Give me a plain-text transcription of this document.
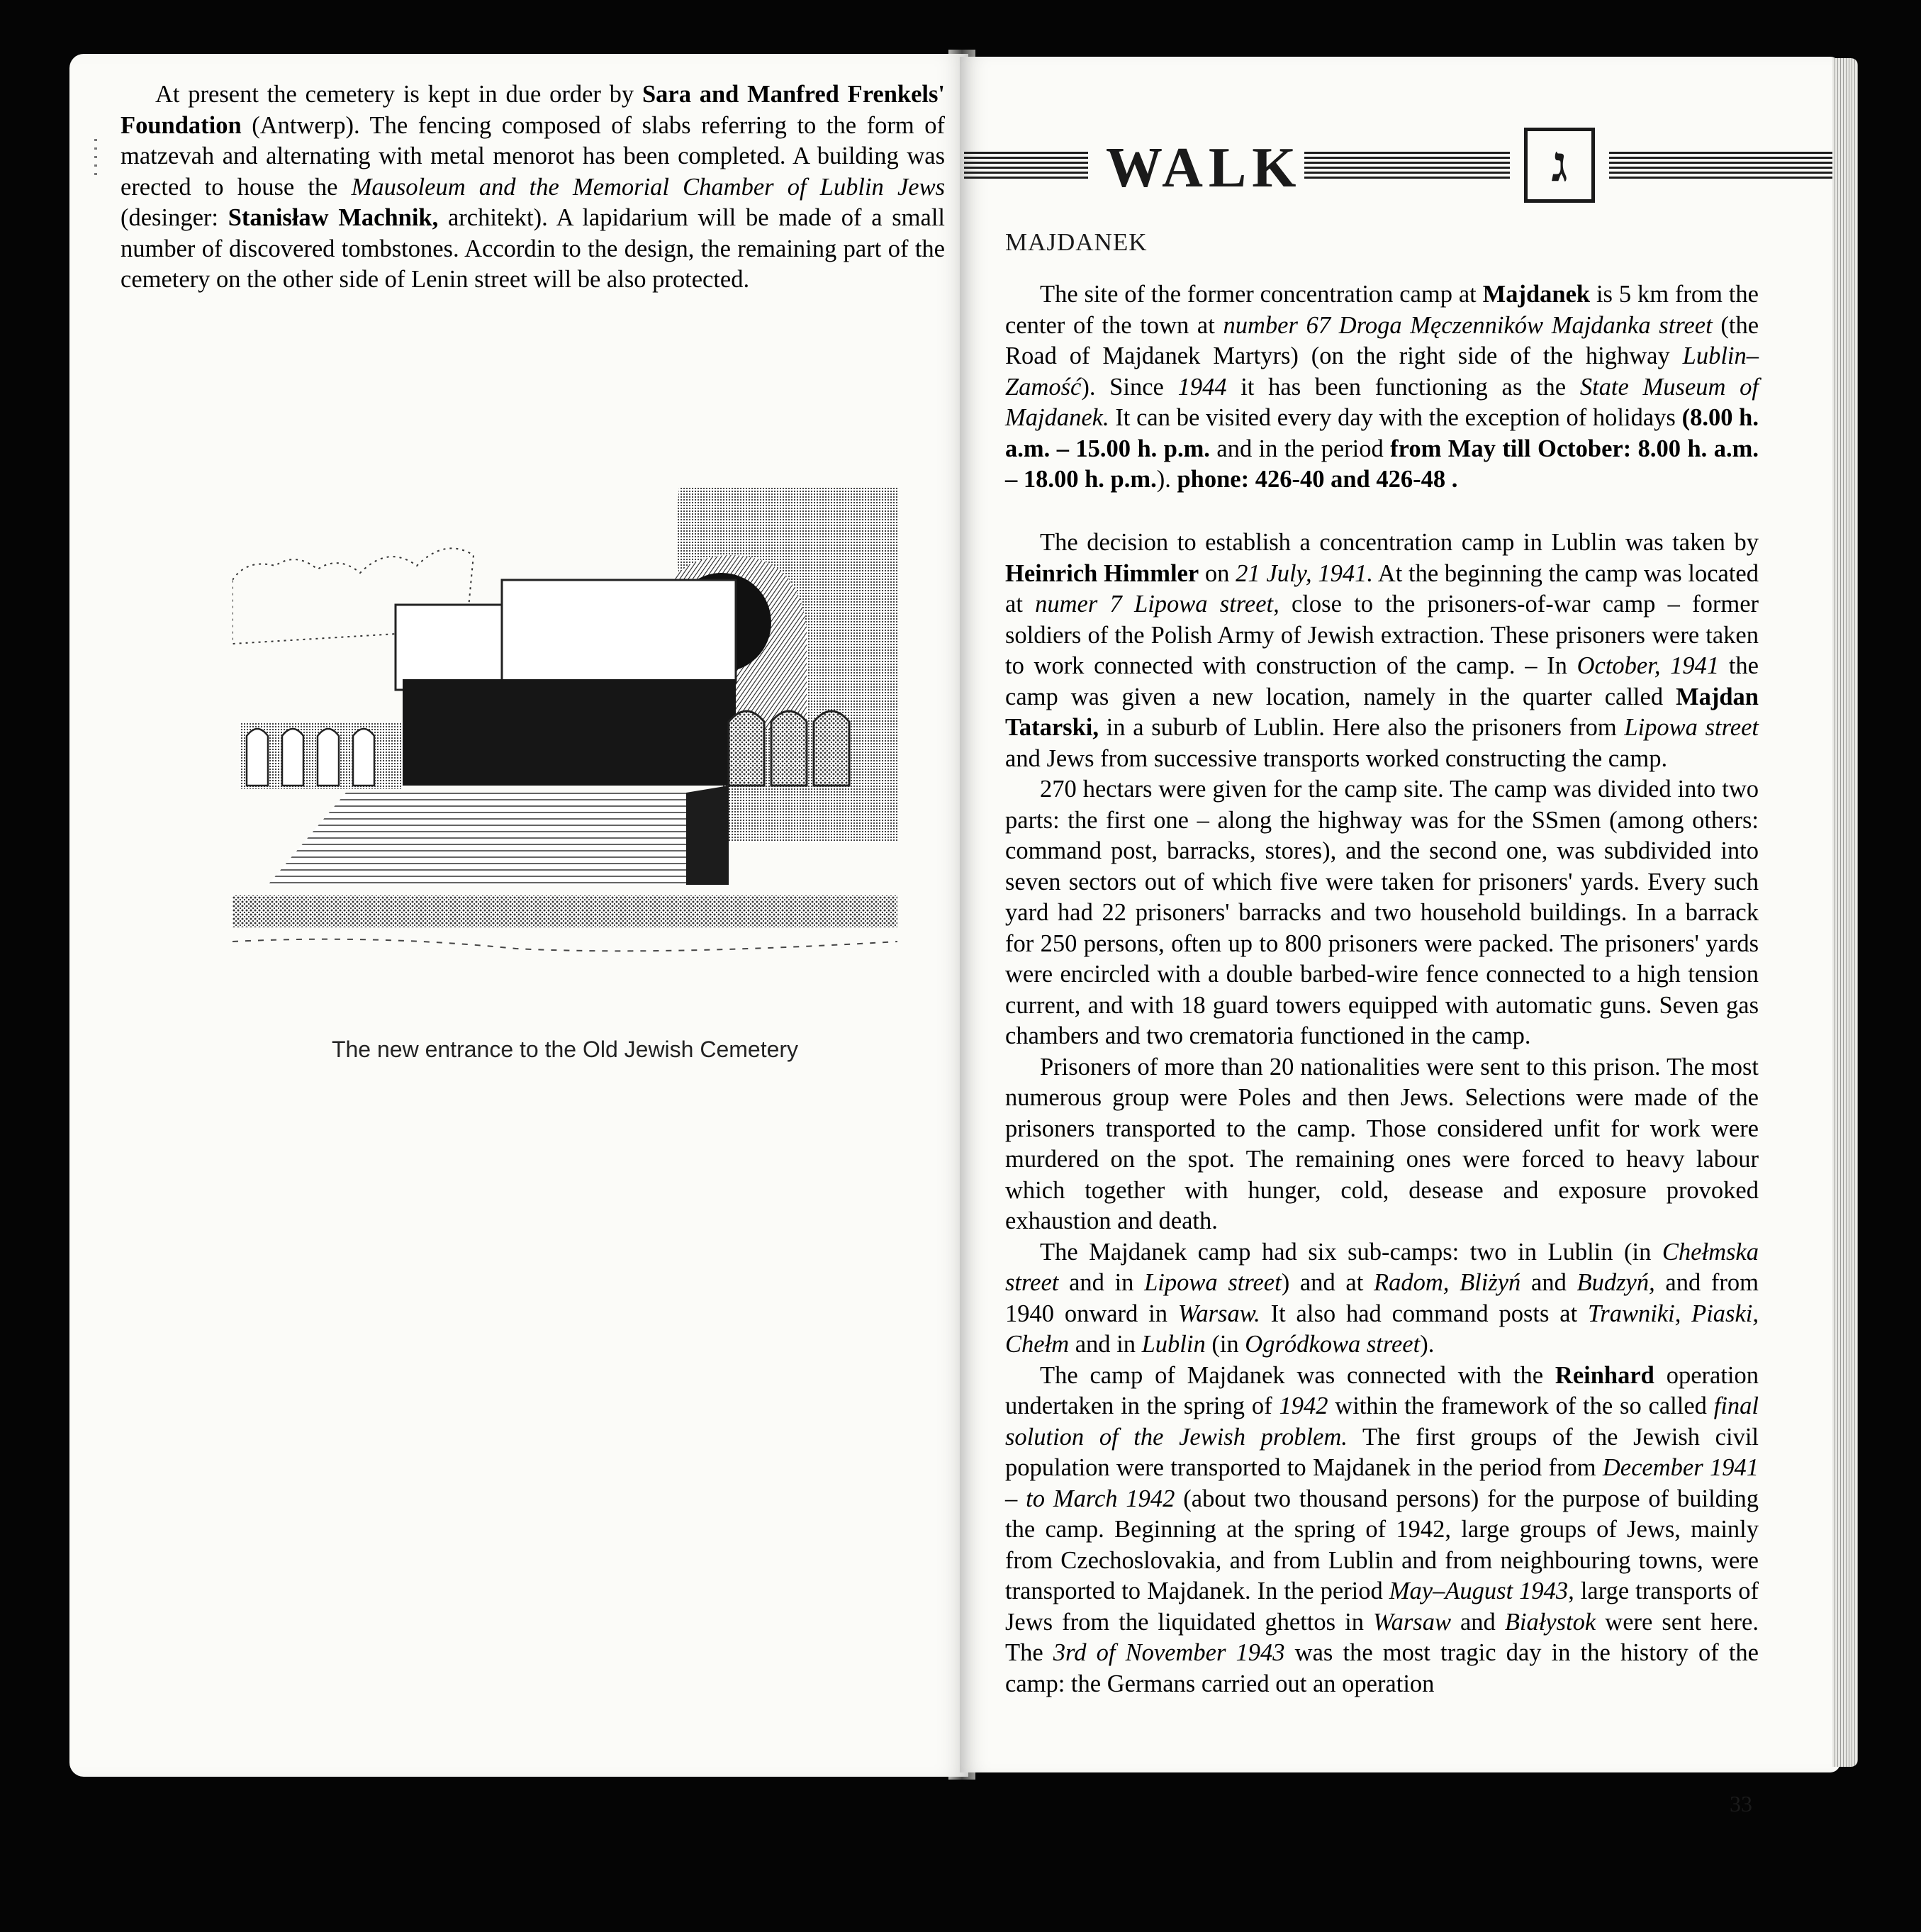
At present the cemetery is kept in due order by Sara and Manfred Frenkels' Foundation (Antwerp). The fencing composed of slabs referring to the form of matzevah and alternating with metal menorot has been completed. A building was erected to house the Mausoleum and the Memorial Chamber of Lublin Jews (desinger: Stanisław Machnik, architekt). A lapidarium will be made of a small number of discovered tombstones. Accordin to the design, the remaining part of the cemetery on the other side of Lenin street will be also protected.

The new entrance to the Old Jewish Cemetery
WALK	ג
MAJDANEK

The site of the former concentration camp at Majdanek is 5 km from the center of the town at number 67 Droga Męczenników Majdanka street (the Road of Majdanek Martyrs) (on the right side of the highway Lublin–Zamość). Since 1944 it has been functioning as the State Museum of Majdanek. It can be visited every day with the exception of holidays (8.00 h. a.m. – 15.00 h. p.m. and in the period from May till October: 8.00 h. a.m. – 18.00 h. p.m.). phone: 426-40 and 426-48 .

The decision to establish a concentration camp in Lublin was taken by Heinrich Himmler on 21 July, 1941. At the beginning the camp was located at numer 7 Lipowa street, close to the prisoners-of-war camp – former soldiers of the Polish Army of Jewish extraction. These prisoners were taken to work connected with construction of the camp. – In October, 1941 the camp was given a new location, namely in the quarter called Majdan Tatarski, in a suburb of Lublin. Here also the prisoners from Lipowa street and Jews from successive transports worked constructing the camp.

270 hectars were given for the camp site. The camp was divided into two parts: the first one – along the highway was for the SSmen (among others: command post, barracks, stores), and the second one, was subdivided into seven sectors out of which five were taken for prisoners' yards. Every such yard had 22 prisoners' barracks and two household buildings. In a barrack for 250 persons, often up to 800 prisoners were packed. The prisoners' yards were encircled with a double barbed-wire fence connected to a high tension current, and with 18 guard towers equipped with automatic guns. Seven gas chambers and two crematoria functioned in the camp.

Prisoners of more than 20 nationalities were sent to this prison. The most numerous group were Poles and then Jews. Selections were made of the prisoners transported to the camp. Those considered unfit for work were murdered on the spot. The remaining ones were forced to heavy labour which together with hunger, cold, desease and exposure provoked exhaustion and death.

The Majdanek camp had six sub-camps: two in Lublin (in Chełmska street and in Lipowa street) and at Radom, Bliżyń and Budzyń, and from 1940 onward in Warsaw. It also had command posts at Trawniki, Piaski, Chełm and in Lublin (in Ogródkowa street).

The camp of Majdanek was connected with the Reinhard operation undertaken in the spring of 1942 within the framework of the so called final solution of the Jewish problem. The first groups of the Jewish civil population were transported to Majdanek in the period from December 1941 – to March 1942 (about two thousand persons) for the purpose of building the camp. Beginning at the spring of 1942, large groups of Jews, mainly from Czechoslovakia, and from Lublin and from neighbouring towns, were transported to Majdanek. In the period May–August 1943, large transports of Jews from the liquidated ghettos in Warsaw and Białystok were sent here. The 3rd of November 1943 was the most tragic day in the history of the camp: the Germans carried out an operation

33
